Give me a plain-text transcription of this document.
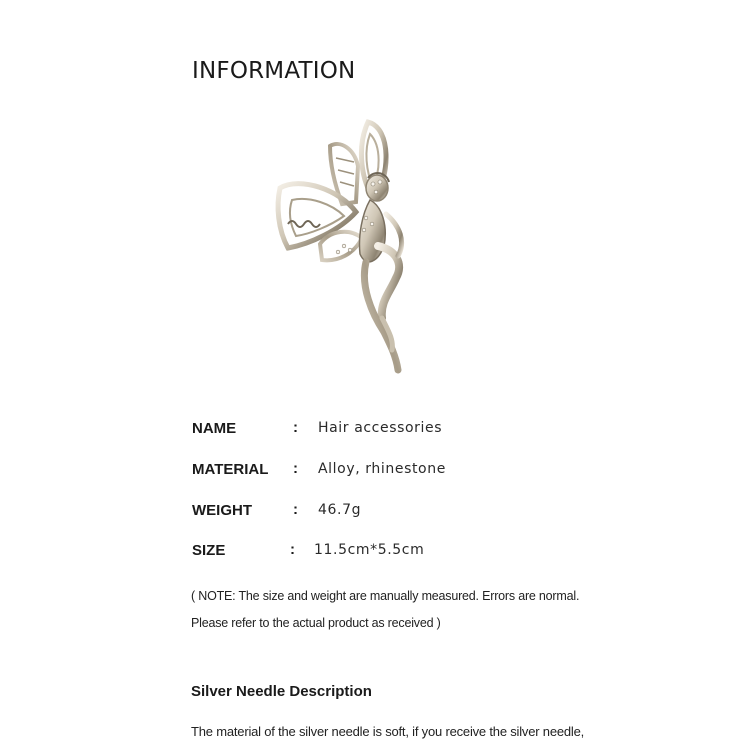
INFORMATION
NAME	: Hair accessories
MATERIAL : Alloy, rhinestone
WEIGHT	: 46.7g
SIZE	: 11.5cm*5.5cm
( NOTE: The size and weight are manually measured. Errors are normal.
Please refer to the actual product as received )
Silver Needle Description
The material of the silver needle is soft, if you receive the silver needle,
